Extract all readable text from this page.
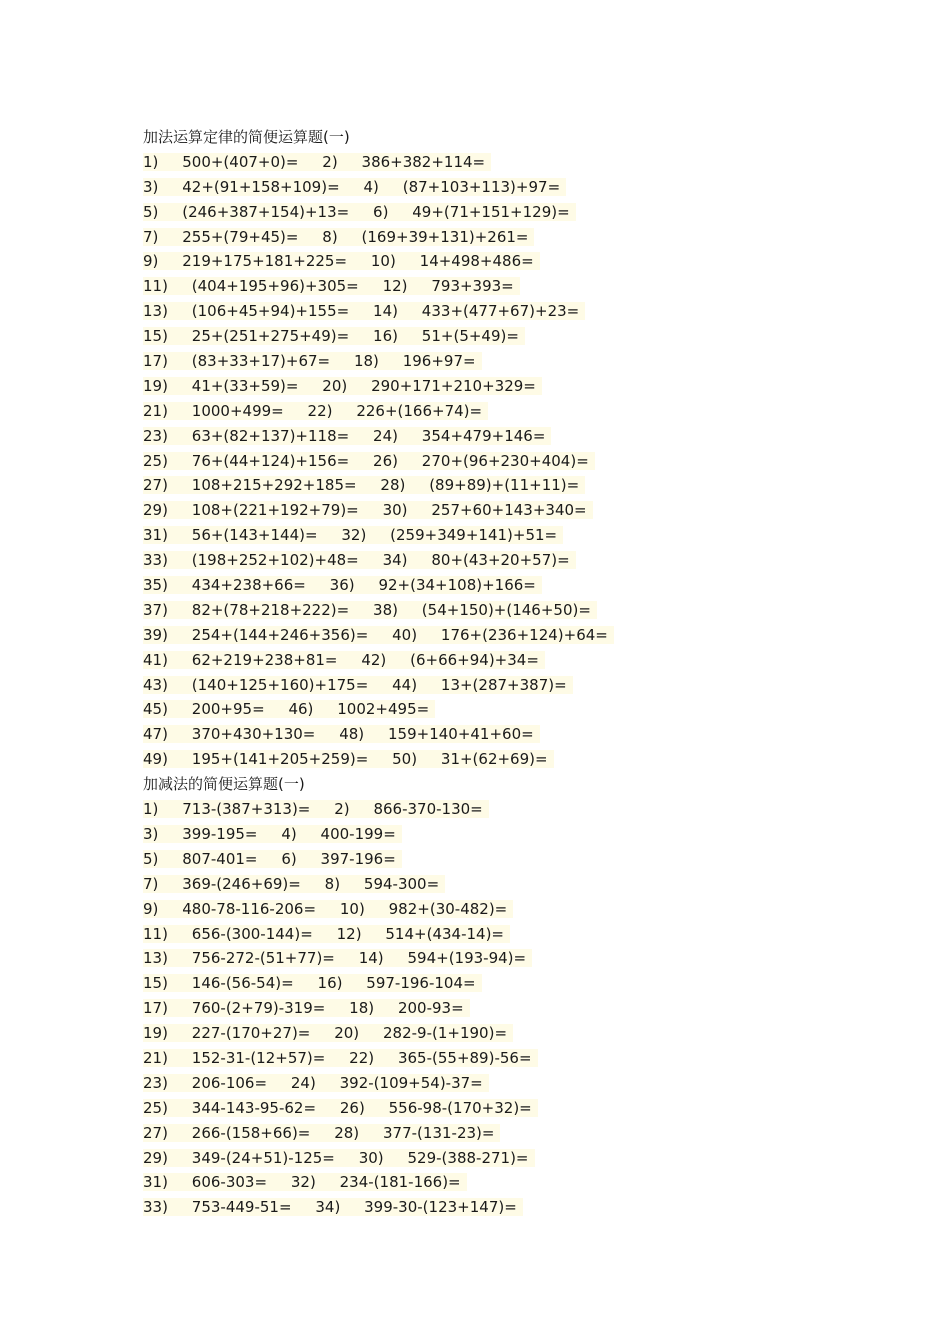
加法运算定律的简便运算题(一)
1)     500+(407+0)=     2)     386+382+114=
3)     42+(91+158+109)=     4)     (87+103+113)+97=
5)     (246+387+154)+13=     6)     49+(71+151+129)=
7)     255+(79+45)=     8)     (169+39+131)+261=
9)     219+175+181+225=     10)     14+498+486=
11)     (404+195+96)+305=     12)     793+393=
13)     (106+45+94)+155=     14)     433+(477+67)+23=
15)     25+(251+275+49)=     16)     51+(5+49)=
17)     (83+33+17)+67=     18)     196+97=
19)     41+(33+59)=     20)     290+171+210+329=
21)     1000+499=     22)     226+(166+74)=
23)     63+(82+137)+118=     24)     354+479+146=
25)     76+(44+124)+156=     26)     270+(96+230+404)=
27)     108+215+292+185=     28)     (89+89)+(11+11)=
29)     108+(221+192+79)=     30)     257+60+143+340=
31)     56+(143+144)=     32)     (259+349+141)+51=
33)     (198+252+102)+48=     34)     80+(43+20+57)=
35)     434+238+66=     36)     92+(34+108)+166=
37)     82+(78+218+222)=     38)     (54+150)+(146+50)=
39)     254+(144+246+356)=     40)     176+(236+124)+64=
41)     62+219+238+81=     42)     (6+66+94)+34=
43)     (140+125+160)+175=     44)     13+(287+387)=
45)     200+95=     46)     1002+495=
47)     370+430+130=     48)     159+140+41+60=
49)     195+(141+205+259)=     50)     31+(62+69)=
加减法的简便运算题(一)
1)     713-(387+313)=     2)     866-370-130=
3)     399-195=     4)     400-199=
5)     807-401=     6)     397-196=
7)     369-(246+69)=     8)     594-300=
9)     480-78-116-206=     10)     982+(30-482)=
11)     656-(300-144)=     12)     514+(434-14)=
13)     756-272-(51+77)=     14)     594+(193-94)=
15)     146-(56-54)=     16)     597-196-104=
17)     760-(2+79)-319=     18)     200-93=
19)     227-(170+27)=     20)     282-9-(1+190)=
21)     152-31-(12+57)=     22)     365-(55+89)-56=
23)     206-106=     24)     392-(109+54)-37=
25)     344-143-95-62=     26)     556-98-(170+32)=
27)     266-(158+66)=     28)     377-(131-23)=
29)     349-(24+51)-125=     30)     529-(388-271)=
31)     606-303=     32)     234-(181-166)=
33)     753-449-51=     34)     399-30-(123+147)=
